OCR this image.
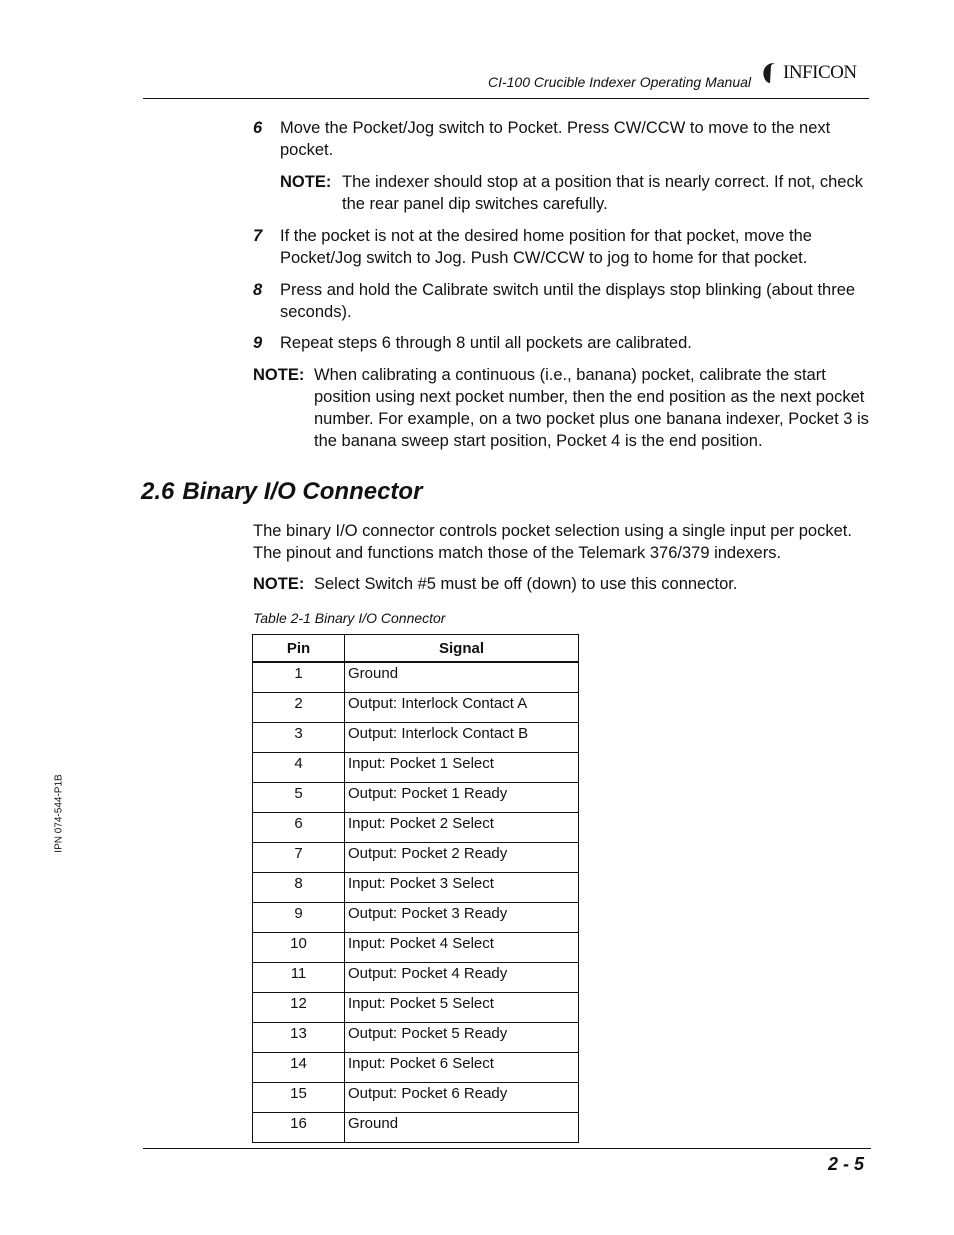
CI-100 Crucible Indexer Operating Manual INFICON
6 Move the Pocket/Jog switch to Pocket. Press CW/CCW to move to the next pocket.
NOTE: The indexer should stop at a position that is nearly correct. If not, check the rear panel dip switches carefully.
7 If the pocket is not at the desired home position for that pocket, move the Pocket/Jog switch to Jog. Push CW/CCW to jog to home for that pocket.
8 Press and hold the Calibrate switch until the displays stop blinking (about three seconds).
9 Repeat steps 6 through 8 until all pockets are calibrated.
NOTE: When calibrating a continuous (i.e., banana) pocket, calibrate the start position using next pocket number, then the end position as the next pocket number. For example, on a two pocket plus one banana indexer, Pocket 3 is the banana sweep start position, Pocket 4 is the end position.
2.6 Binary I/O Connector
The binary I/O connector controls pocket selection using a single input per pocket. The pinout and functions match those of the Telemark 376/379 indexers.
NOTE: Select Switch #5 must be off (down) to use this connector.
Table 2-1 Binary I/O Connector
Pin	Signal
1	Ground
2	Output: Interlock Contact A
3	Output: Interlock Contact B
4	Input: Pocket 1 Select
5	Output: Pocket 1 Ready
6	Input: Pocket 2 Select
7	Output: Pocket 2 Ready
8	Input: Pocket 3 Select
9	Output: Pocket 3 Ready
10	Input: Pocket 4 Select
11	Output: Pocket 4 Ready
12	Input: Pocket 5 Select
13	Output: Pocket 5 Ready
14	Input: Pocket 6 Select
15	Output: Pocket 6 Ready
16	Ground
IPN 074-544-P1B
2 - 5
